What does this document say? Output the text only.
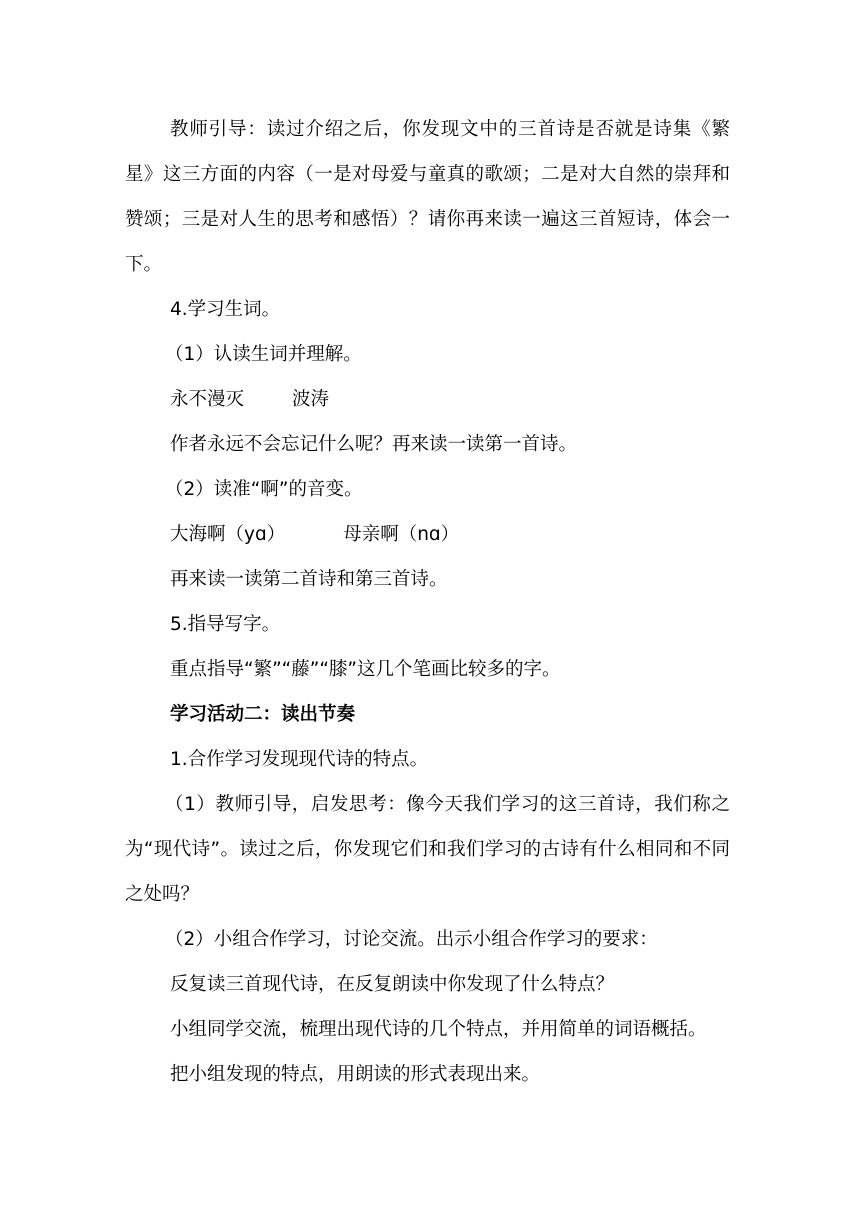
教师引导：读过介绍之后，你发现文中的三首诗是否就是诗集《繁星》这三方面的内容（一是对母爱与童真的歌颂；二是对大自然的崇拜和赞颂；三是对人生的思考和感悟）？请你再来读一遍这三首短诗，体会一下。

4.学习生词。

（1）认读生词并理解。

永不漫灭	波涛

作者永远不会忘记什么呢？再来读一读第一首诗。

（2）读准“啊”的音变。

大海啊（yɑ）	母亲啊（nɑ）

再来读一读第二首诗和第三首诗。

5.指导写字。

重点指导“繁”“藤”“膝”这几个笔画比较多的字。

学习活动二：读出节奏

1.合作学习发现现代诗的特点。

（1）教师引导，启发思考：像今天我们学习的这三首诗，我们称之为“现代诗”。读过之后，你发现它们和我们学习的古诗有什么相同和不同之处吗？

（2）小组合作学习，讨论交流。出示小组合作学习的要求：

反复读三首现代诗，在反复朗读中你发现了什么特点？

小组同学交流，梳理出现代诗的几个特点，并用简单的词语概括。

把小组发现的特点，用朗读的形式表现出来。
